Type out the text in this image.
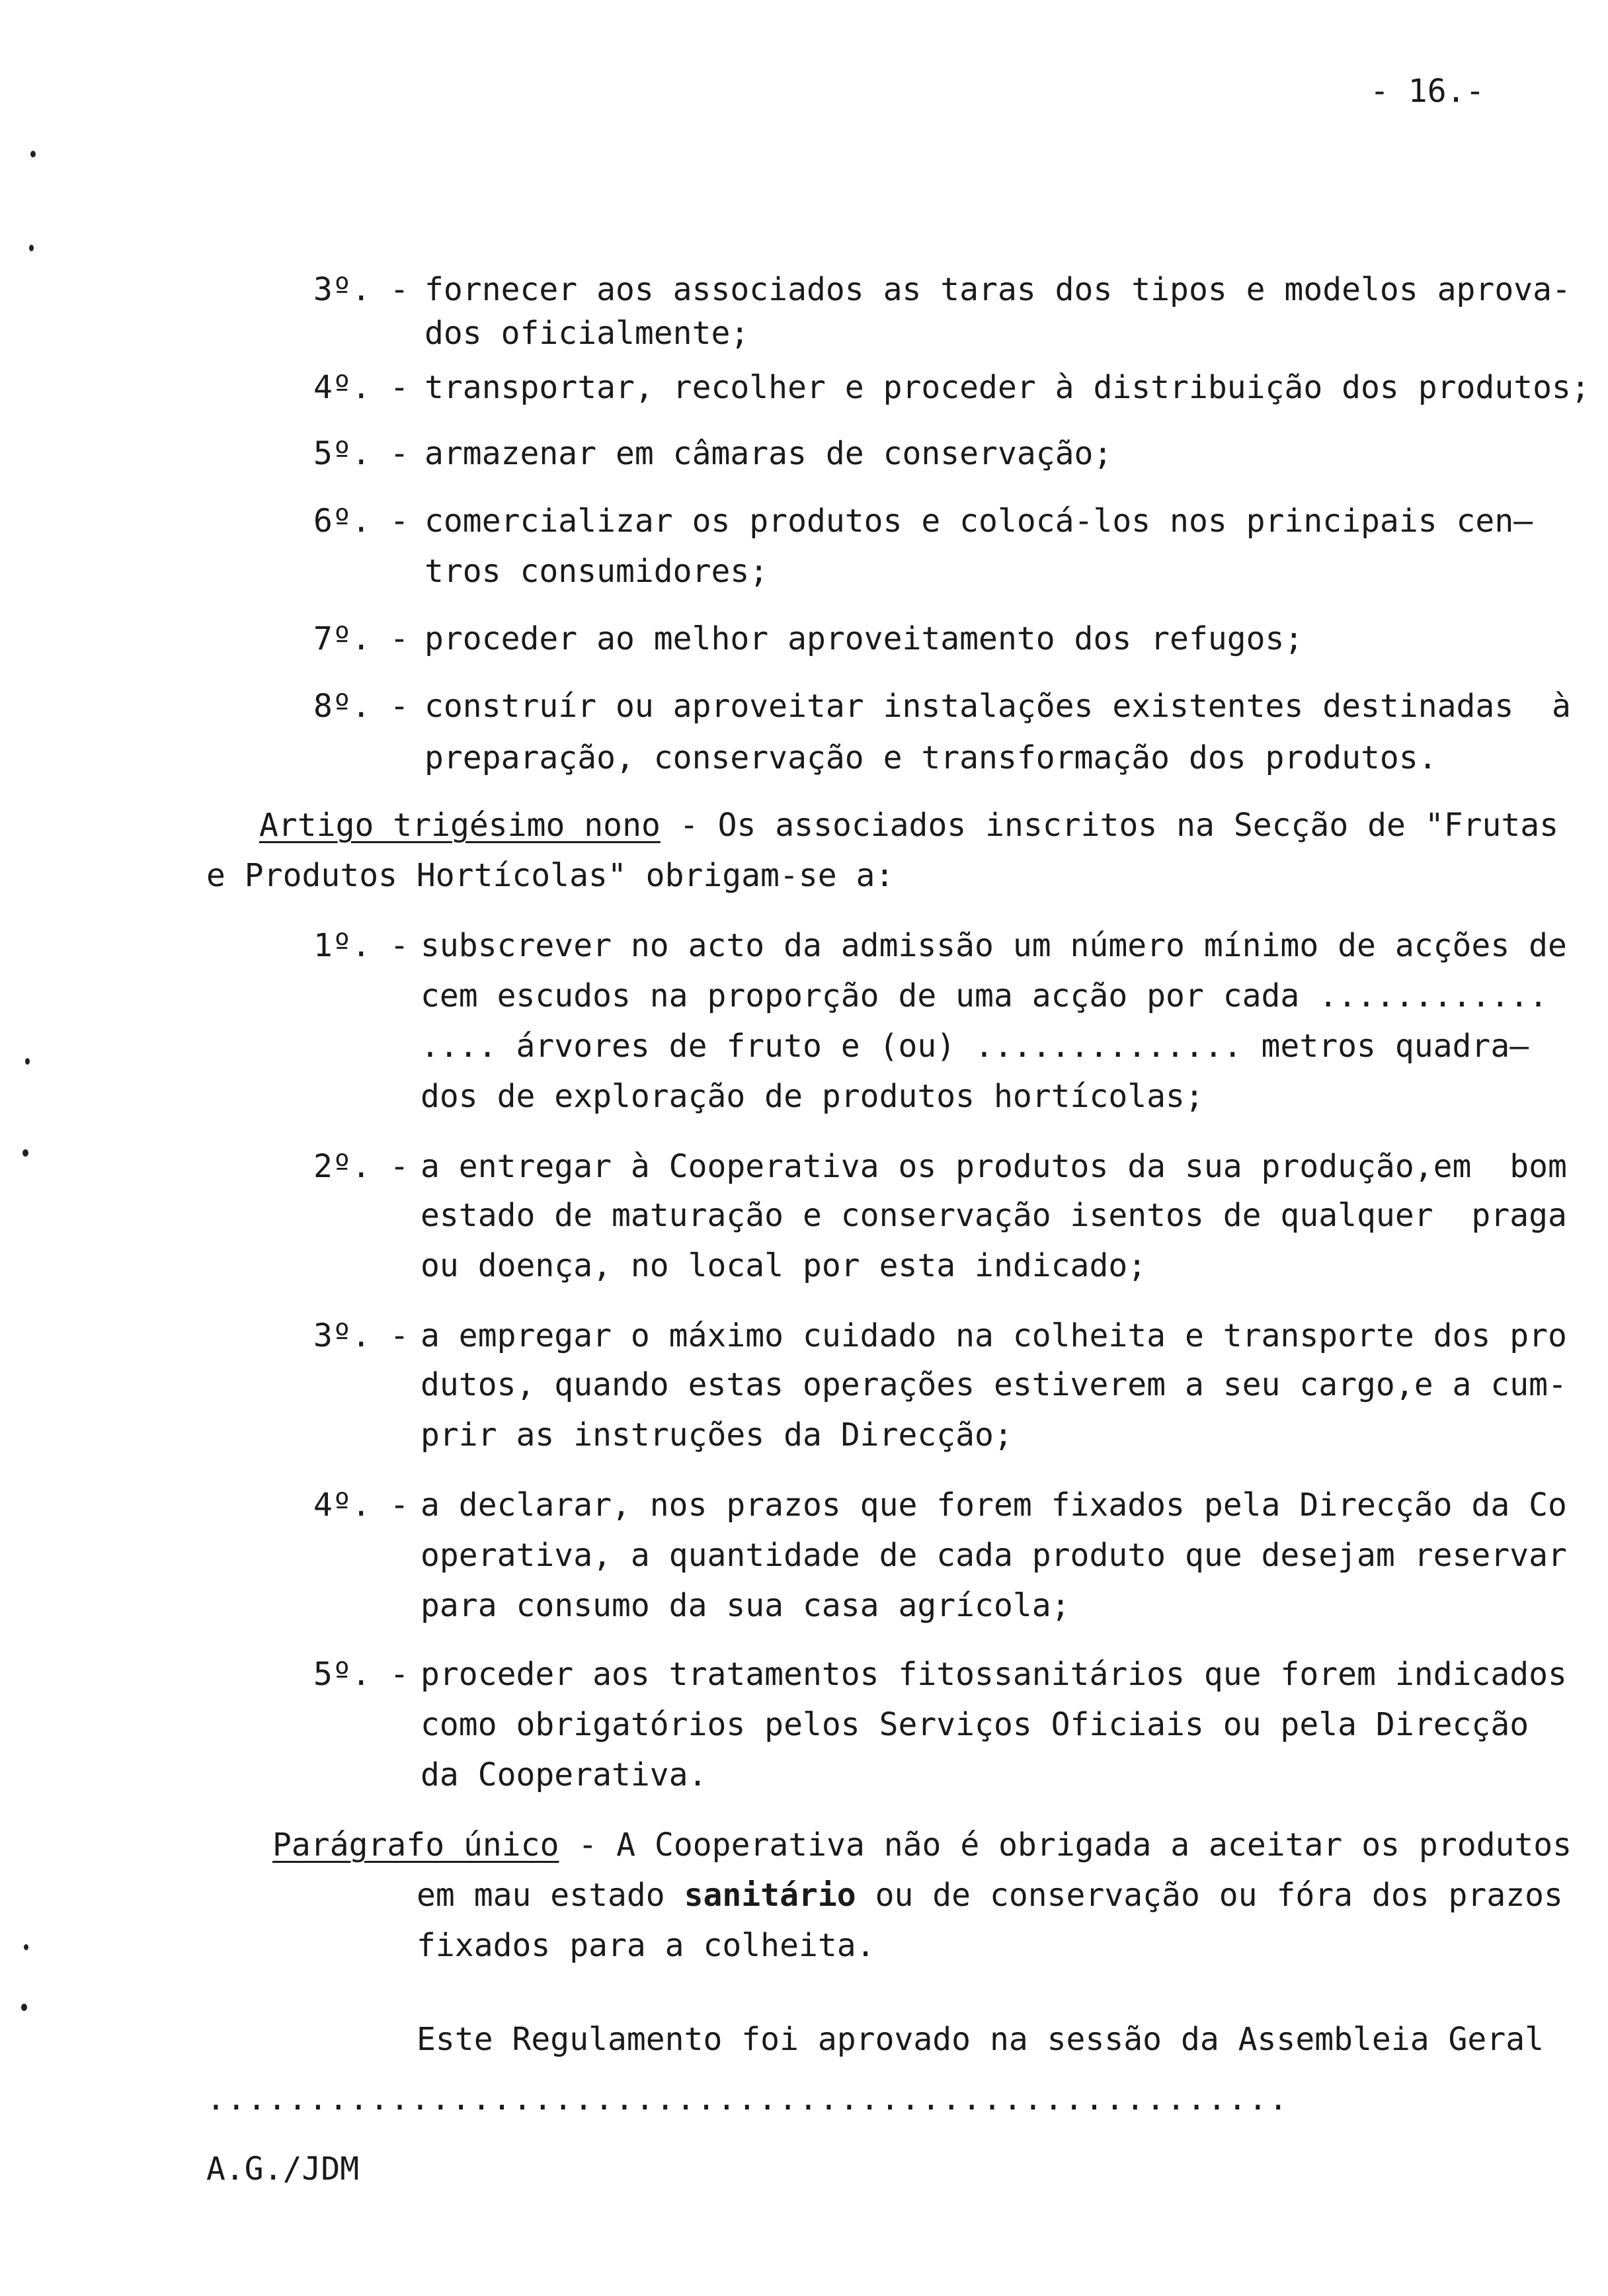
- 16.-
3º. - fornecer aos associados as taras dos tipos e modelos aprova-
dos oficialmente;
4º. - transportar, recolher e proceder à distribuição dos produtos;
5º. - armazenar em câmaras de conservação;
6º. - comercializar os produtos e colocá-los nos principais cen—
tros consumidores;
7º. - proceder ao melhor aproveitamento dos refugos;
8º. - construír ou aproveitar instalações existentes destinadas  à
preparação, conservação e transformação dos produtos.
Artigo trigésimo nono - Os associados inscritos na Secção de "Frutas
e Produtos Hortícolas" obrigam-se a:
1º. - subscrever no acto da admissão um número mínimo de acções de
cem escudos na proporção de uma acção por cada ............
.... árvores de fruto e (ou) .............. metros quadra—
dos de exploração de produtos hortícolas;
2º. - a entregar à Cooperativa os produtos da sua produção,em  bom
estado de maturação e conservação isentos de qualquer  praga
ou doença, no local por esta indicado;
3º. - a empregar o máximo cuidado na colheita e transporte dos pro
dutos, quando estas operações estiverem a seu cargo,e a cum-
prir as instruções da Direcção;
4º. - a declarar, nos prazos que forem fixados pela Direcção da Co
operativa, a quantidade de cada produto que desejam reservar
para consumo da sua casa agrícola;
5º. - proceder aos tratamentos fitossanitários que forem indicados
como obrigatórios pelos Serviços Oficiais ou pela Direcção
da Cooperativa.
Parágrafo único - A Cooperativa não é obrigada a aceitar os produtos
em mau estado sanitário ou de conservação ou fóra dos prazos
fixados para a colheita.
Este Regulamento foi aprovado na sessão da Assembleia Geral
.....................................................
A.G./JDM
